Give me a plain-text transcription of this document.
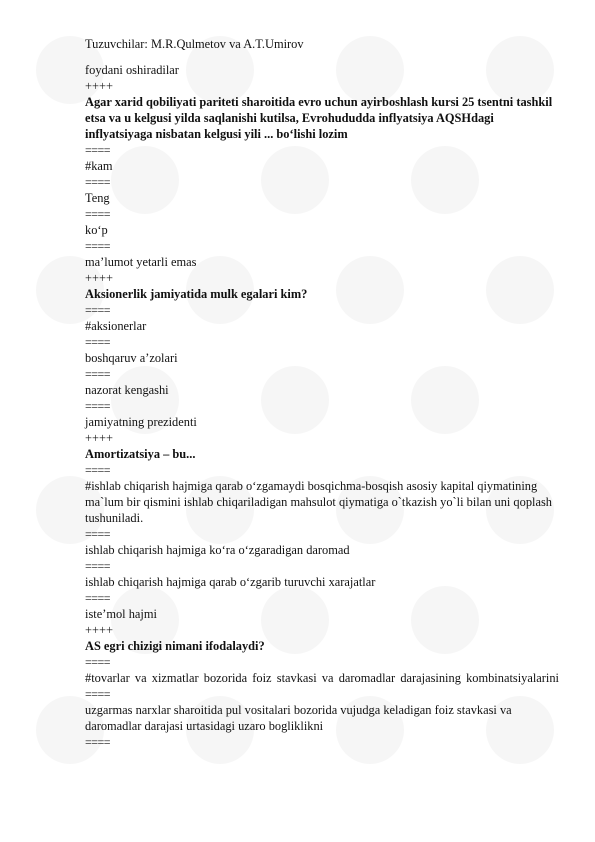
Tuzuvchilar: M.R.Qulmetov va A.T.Umirov
foydani oshiradilar
++++
Agar xarid qobiliyati pariteti sharoitida evro uchun ayirboshlash kursi 25 tsentni tashkil etsa va u kelgusi yilda saqlanishi kutilsa, Evrohududda inflyatsiya AQSHdagi inflyatsiyaga nisbatan kelgusi yili ... bo‘lishi lozim
====
#kam
====
Teng
====
ko‘p
====
ma’lumot yetarli emas
++++
Aksionerlik jamiyatida mulk egalari kim?
====
#aksionerlar
====
boshqaruv a’zolari
====
nazorat kengashi
====
jamiyatning prezidenti
++++
Amortizatsiya – bu...
====
#ishlab chiqarish hajmiga qarab o‘zgamaydi bosqichma-bosqish asosiy kapital qiymatining ma`lum bir qismini ishlab chiqariladigan mahsulot qiymatiga o`tkazish yo`li bilan uni qoplash tushuniladi.
====
ishlab chiqarish hajmiga ko‘ra o‘zgaradigan daromad
====
ishlab chiqarish hajmiga qarab o‘zgarib turuvchi xarajatlar
====
iste’mol hajmi
++++
AS egri chizigi nimani ifodalaydi?
====
#tovarlar va xizmatlar bozorida foiz stavkasi va daromadlar darajasining kombinatsiyalarini
====
uzgarmas narxlar sharoitida pul vositalari bozorida vujudga keladigan foiz stavkasi va daromadlar darajasi urtasidagi uzaro bogliklikni
====
